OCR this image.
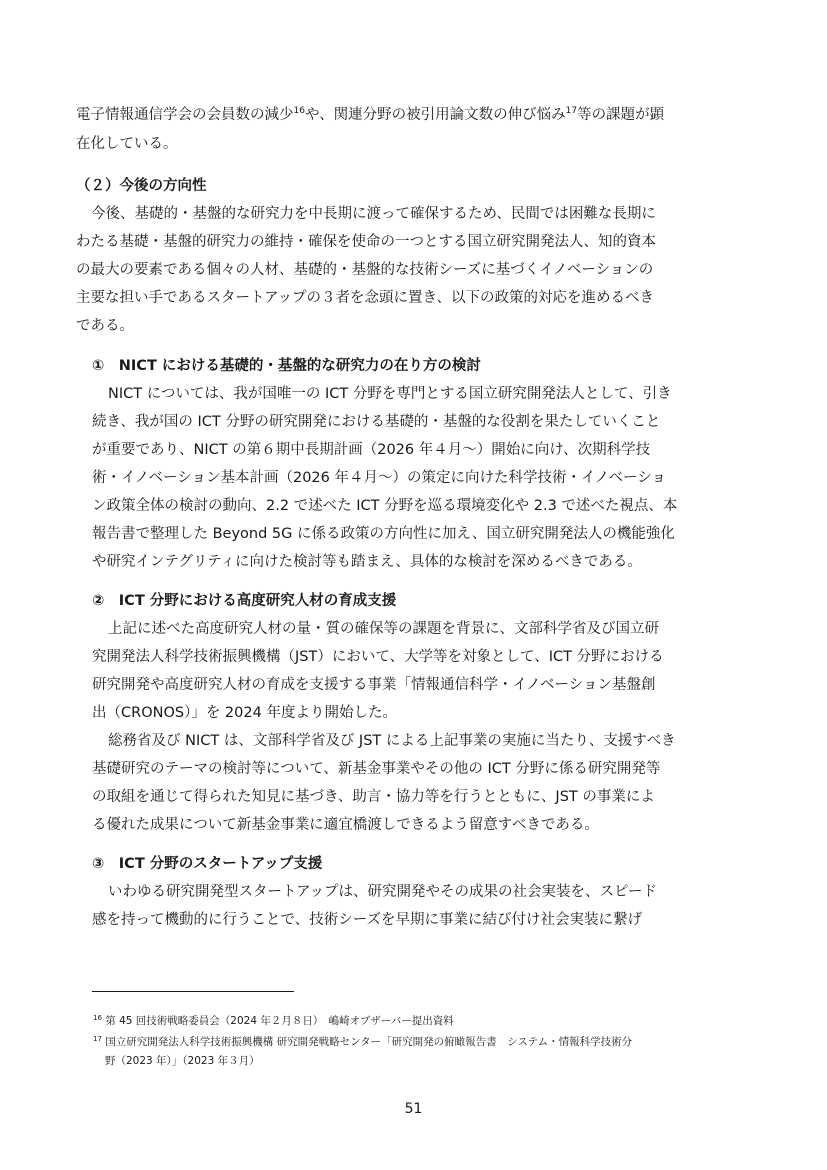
電子情報通信学会の会員数の減少$^{16}$や、関連分野の被引用論文数の伸び悩み$^{17}$等の課題が顕
在化している。
（２）今後の方向性
今後、基礎的・基盤的な研究力を中長期に渡って確保するため、民間では困難な長期に
わたる基礎・基盤的研究力の維持・確保を使命の一つとする国立研究開発法人、知的資本
の最大の要素である個々の人材、基礎的・基盤的な技術シーズに基づくイノベーションの
主要な担い手であるスタートアップの３者を念頭に置き、以下の政策的対応を進めるべき
である。
①　NICT における基礎的・基盤的な研究力の在り方の検討
NICT については、我が国唯一の ICT 分野を専門とする国立研究開発法人として、引き
続き、我が国の ICT 分野の研究開発における基礎的・基盤的な役割を果たしていくこと
が重要であり、NICT の第６期中長期計画（2026 年４月～）開始に向け、次期科学技
術・イノベーション基本計画（2026 年４月～）の策定に向けた科学技術・イノベーショ
ン政策全体の検討の動向、2.2 で述べた ICT 分野を巡る環境変化や 2.3 で述べた視点、本
報告書で整理した Beyond 5G に係る政策の方向性に加え、国立研究開発法人の機能強化
や研究インテグリティに向けた検討等も踏まえ、具体的な検討を深めるべきである。
②　ICT 分野における高度研究人材の育成支援
上記に述べた高度研究人材の量・質の確保等の課題を背景に、文部科学省及び国立研
究開発法人科学技術振興機構（JST）において、大学等を対象として、ICT 分野における
研究開発や高度研究人材の育成を支援する事業「情報通信科学・イノベーション基盤創
出（CRONOS）」を 2024 年度より開始した。
総務省及び NICT は、文部科学省及び JST による上記事業の実施に当たり、支援すべき
基礎研究のテーマの検討等について、新基金事業やその他の ICT 分野に係る研究開発等
の取組を通じて得られた知見に基づき、助言・協力等を行うとともに、JST の事業によ
る優れた成果について新基金事業に適宜橋渡しできるよう留意すべきである。
③　ICT 分野のスタートアップ支援
いわゆる研究開発型スタートアップは、研究開発やその成果の社会実装を、スピード
感を持って機動的に行うことで、技術シーズを早期に事業に結び付け社会実装に繋げ
$^{16}$ 第 45 回技術戦略委員会（2024 年２月８日）　嶋崎オブザーバー提出資料
$^{17}$ 国立研究開発法人科学技術振興機構 研究開発戦略センター「研究開発の俯瞰報告書　システム・情報科学技術分
野（2023 年）」（2023 年３月）
51
